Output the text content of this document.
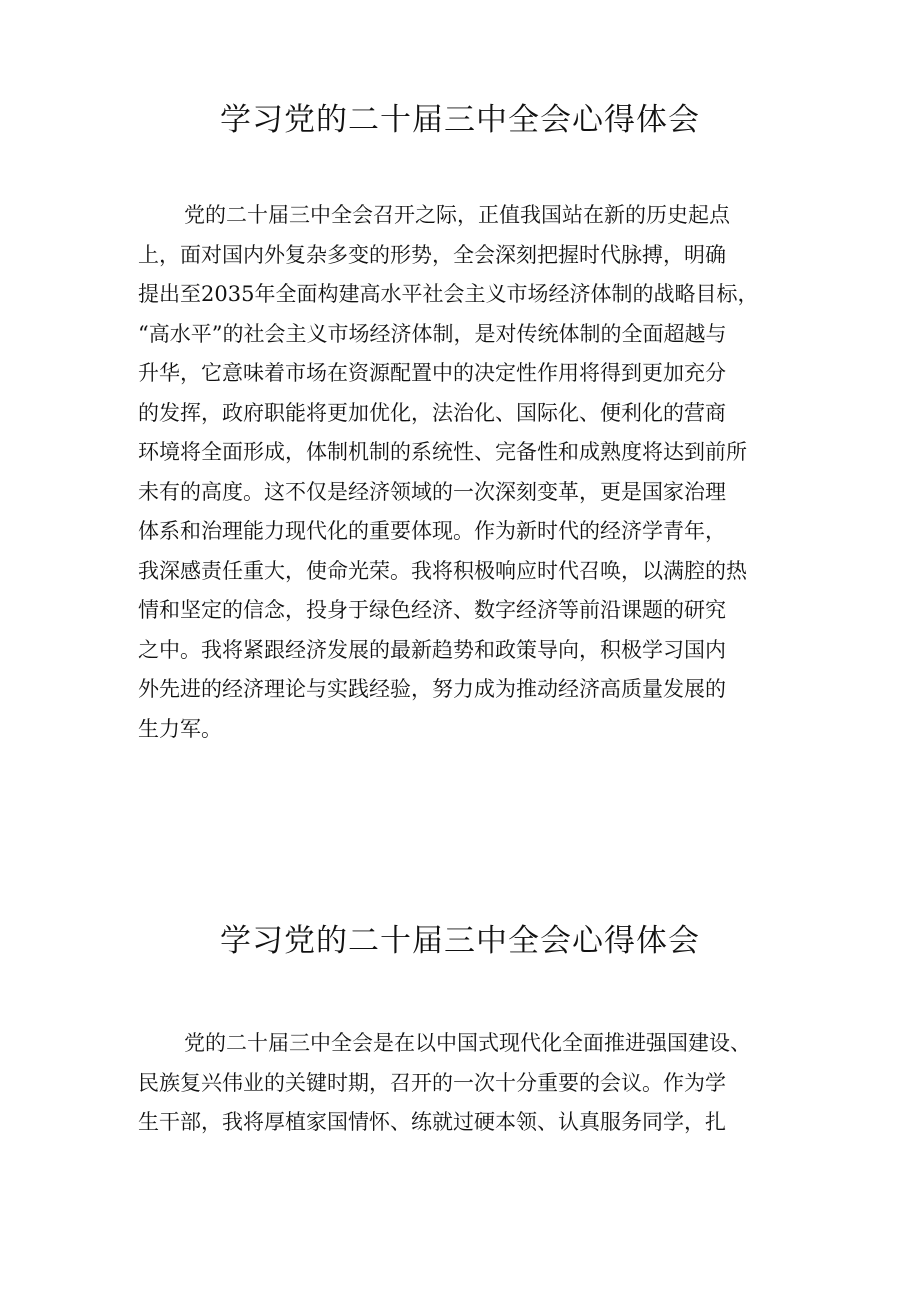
学习党的二十届三中全会心得体会

党的二十届三中全会召开之际，正值我国站在新的历史起点
上，面对国内外复杂多变的形势，全会深刻把握时代脉搏，明确
提出至2035年全面构建高水平社会主义市场经济体制的战略目标，
“高水平”的社会主义市场经济体制，是对传统体制的全面超越与
升华，它意味着市场在资源配置中的决定性作用将得到更加充分
的发挥，政府职能将更加优化，法治化、国际化、便利化的营商
环境将全面形成，体制机制的系统性、完备性和成熟度将达到前所
未有的高度。这不仅是经济领域的一次深刻变革，更是国家治理
体系和治理能力现代化的重要体现。作为新时代的经济学青年，
我深感责任重大，使命光荣。我将积极响应时代召唤，以满腔的热
情和坚定的信念，投身于绿色经济、数字经济等前沿课题的研究
之中。我将紧跟经济发展的最新趋势和政策导向，积极学习国内
外先进的经济理论与实践经验，努力成为推动经济高质量发展的
生力军。

学习党的二十届三中全会心得体会

党的二十届三中全会是在以中国式现代化全面推进强国建设、
民族复兴伟业的关键时期，召开的一次十分重要的会议。作为学
生干部，我将厚植家国情怀、练就过硬本领、认真服务同学，扎
